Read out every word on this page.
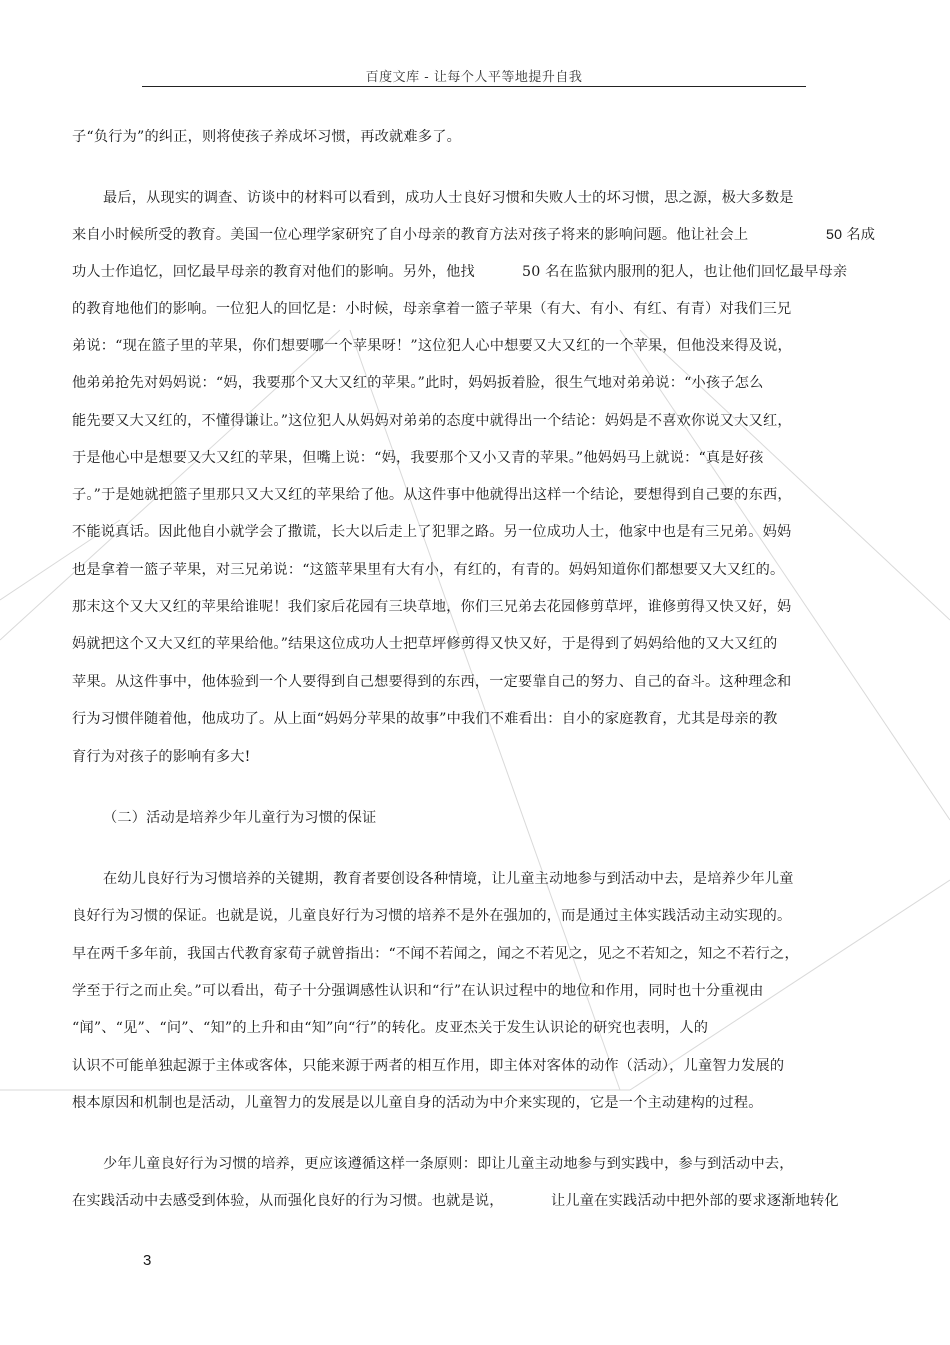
百度文库 - 让每个人平等地提升自我
子“负行为”的纠正，则将使孩子养成坏习惯，再改就难多了。
最后，从现实的调查、访谈中的材料可以看到，成功人士良好习惯和失败人士的坏习惯，思之源，极大多数是
来自小时候所受的教育。美国一位心理学家研究了自小母亲的教育方法对孩子将来的影响问题。他让社会上	50 名成
功人士作追忆，回忆最早母亲的教育对他们的影响。另外，他找	50 名在监狱内服刑的犯人，也让他们回忆最早母亲
的教育地他们的影响。一位犯人的回忆是：小时候，母亲拿着一篮子苹果（有大、有小、有红、有青）对我们三兄
弟说：“现在篮子里的苹果，你们想要哪一个苹果呀！”这位犯人心中想要又大又红的一个苹果，但他没来得及说，
他弟弟抢先对妈妈说：“妈，我要那个又大又红的苹果。”此时，妈妈扳着脸，很生气地对弟弟说：“小孩子怎么
能先要又大又红的，不懂得谦让。”这位犯人从妈妈对弟弟的态度中就得出一个结论：妈妈是不喜欢你说又大又红，
于是他心中是想要又大又红的苹果，但嘴上说：“妈，我要那个又小又青的苹果。”他妈妈马上就说：“真是好孩
子。”于是她就把篮子里那只又大又红的苹果给了他。从这件事中他就得出这样一个结论，要想得到自己要的东西，
不能说真话。因此他自小就学会了撒谎，长大以后走上了犯罪之路。另一位成功人士，他家中也是有三兄弟。妈妈
也是拿着一篮子苹果，对三兄弟说：“这篮苹果里有大有小，有红的，有青的。妈妈知道你们都想要又大又红的。
那末这个又大又红的苹果给谁呢！我们家后花园有三块草地，你们三兄弟去花园修剪草坪，谁修剪得又快又好，妈
妈就把这个又大又红的苹果给他。”结果这位成功人士把草坪修剪得又快又好，于是得到了妈妈给他的又大又红的
苹果。从这件事中，他体验到一个人要得到自己想要得到的东西，一定要靠自己的努力、自己的奋斗。这种理念和
行为习惯伴随着他，他成功了。从上面“妈妈分苹果的故事”中我们不难看出：自小的家庭教育，尤其是母亲的教
育行为对孩子的影响有多大!
（二）活动是培养少年儿童行为习惯的保证
在幼儿良好行为习惯培养的关键期，教育者要创设各种情境，让儿童主动地参与到活动中去，是培养少年儿童
良好行为习惯的保证。也就是说，儿童良好行为习惯的培养不是外在强加的，而是通过主体实践活动主动实现的。
早在两千多年前，我国古代教育家荀子就曾指出：“不闻不若闻之，闻之不若见之，见之不若知之，知之不若行之，
学至于行之而止矣。”可以看出，荀子十分强调感性认识和“行”在认识过程中的地位和作用，同时也十分重视由
“闻”、“见”、“问”、“知”的上升和由“知”向“行”的转化。皮亚杰关于发生认识论的研究也表明，人的
认识不可能单独起源于主体或客体，只能来源于两者的相互作用，即主体对客体的动作（活动），儿童智力发展的
根本原因和机制也是活动，儿童智力的发展是以儿童自身的活动为中介来实现的，它是一个主动建构的过程。
少年儿童良好行为习惯的培养，更应该遵循这样一条原则：即让儿童主动地参与到实践中，参与到活动中去，
在实践活动中去感受到体验，从而强化良好的行为习惯。也就是说，	让儿童在实践活动中把外部的要求逐渐地转化
3
